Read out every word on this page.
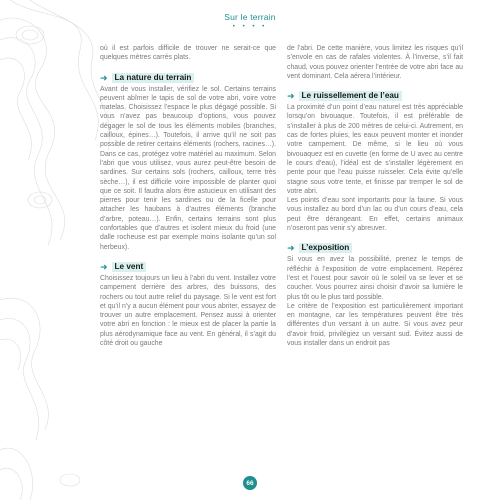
Sur le terrain
• • • •

où il est parfois difficile de trouver ne serait-ce que quelques mètres carrés plats.

➜ La nature du terrain

Avant de vous installer, vérifiez le sol. Certains terrains peuvent abîmer le tapis de sol de votre abri, voire votre matelas. Choisissez l’espace le plus dégagé possible. Si vous n’avez pas beaucoup d’options, vous pouvez dégager le sol de tous les éléments mobiles (branches, cailloux, épines…). Toutefois, il arrive qu’il ne soit pas possible de retirer certains éléments (rochers, racines…). Dans ce cas, protégez votre matériel au maximum. Selon l’abri que vous utilisez, vous aurez peut-être besoin de sardines. Sur certains sols (rochers, cailloux, terre très sèche…), il est difficile voire impossible de planter quoi que ce soit. Il faudra alors être astucieux en utilisant des pierres pour tenir les sardines ou de la ficelle pour attacher les haubans à d’autres éléments (branche d’arbre, poteau…). Enfin, certains terrains sont plus confortables que d’autres et isolent mieux du froid (une dalle rocheuse est par exemple moins isolante qu’un sol herbeux).

➜ Le vent

Choisissez toujours un lieu à l’abri du vent. Installez votre campement derrière des arbres, des buissons, des rochers ou tout autre relief du paysage. Si le vent est fort et qu’il n’y a aucun élément pour vous abriter, essayez de trouver un autre emplacement. Pensez aussi à orienter votre abri en fonction : le mieux est de placer la partie la plus aérodynamique face au vent. En général, il s’agit du côté droit ou gauche

de l’abri. De cette manière, vous limitez les risques qu’il s’envole en cas de rafales violentes. À l’inverse, s’il fait chaud, vous pouvez orienter l’entrée de votre abri face au vent dominant. Cela aérera l’intérieur.

➜ Le ruissellement de l’eau

La proximité d’un point d’eau naturel est très appréciable lorsqu’on bivouaque. Toutefois, il est préférable de s’installer à plus de 200 mètres de celui-ci. Autrement, en cas de fortes pluies, les eaux peuvent monter et inonder votre campement. De même, si le lieu où vous bivouaquez est en cuvette (en forme de U avec au centre le cours d’eau), l’idéal est de s’installer légèrement en pente pour que l’eau puisse ruisseler. Cela évite qu’elle stagne sous votre tente, et finisse par tremper le sol de votre abri.

Les points d’eau sont importants pour la faune. Si vous vous installez au bord d’un lac ou d’un cours d’eau, cela peut être dérangeant. En effet, certains animaux n’oseront pas venir s’y abreuver.

➜ L’exposition

Si vous en avez la possibilité, prenez le temps de réfléchir à l’exposition de votre emplacement. Repérez l’est et l’ouest pour savoir où le soleil va se lever et se coucher. Vous pourrez ainsi choisir d’avoir sa lumière le plus tôt ou le plus tard possible.

Le critère de l’exposition est particulièrement important en montagne, car les températures peuvent être très différentes d’un versant à un autre. Si vous avez peur d’avoir froid, privilégiez un versant sud. Évitez aussi de vous installer dans un endroit pas

66
